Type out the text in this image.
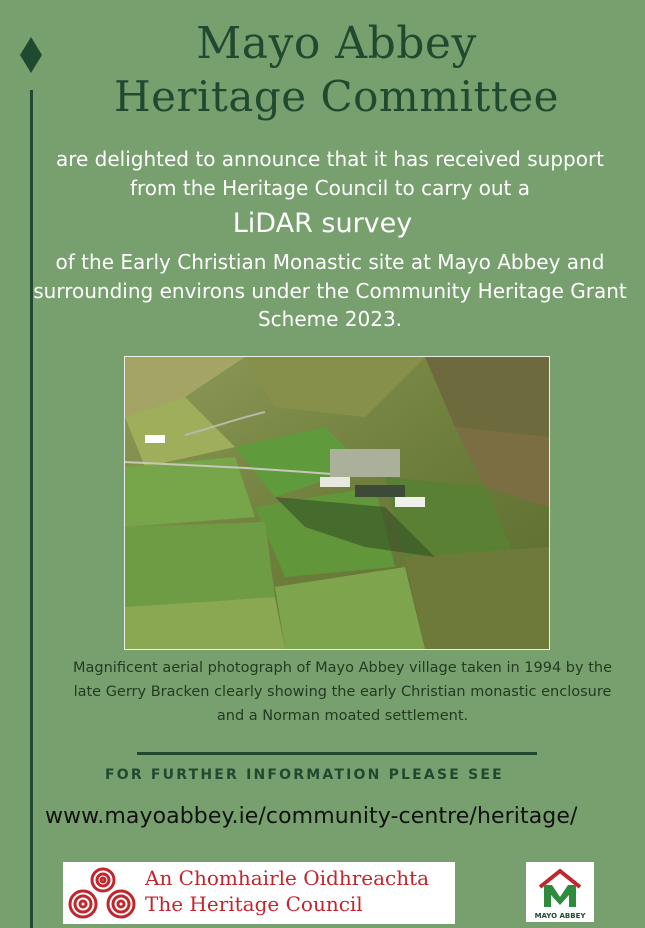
Mayo Abbey
Heritage Committee
are delighted to announce that it has received support from the Heritage Council to carry out a
LiDAR survey
of the Early Christian Monastic site at Mayo Abbey and surrounding environs under the Community Heritage Grant Scheme 2023.
Magnificent aerial photograph of Mayo Abbey village taken in 1994 by the late Gerry Bracken clearly showing the early Christian monastic enclosure and a Norman moated settlement.
FOR FURTHER INFORMATION PLEASE SEE
www.mayoabbey.ie/community-centre/heritage/
An Chomhairle Oidhreachta
The Heritage Council	MAYO ABBEY
